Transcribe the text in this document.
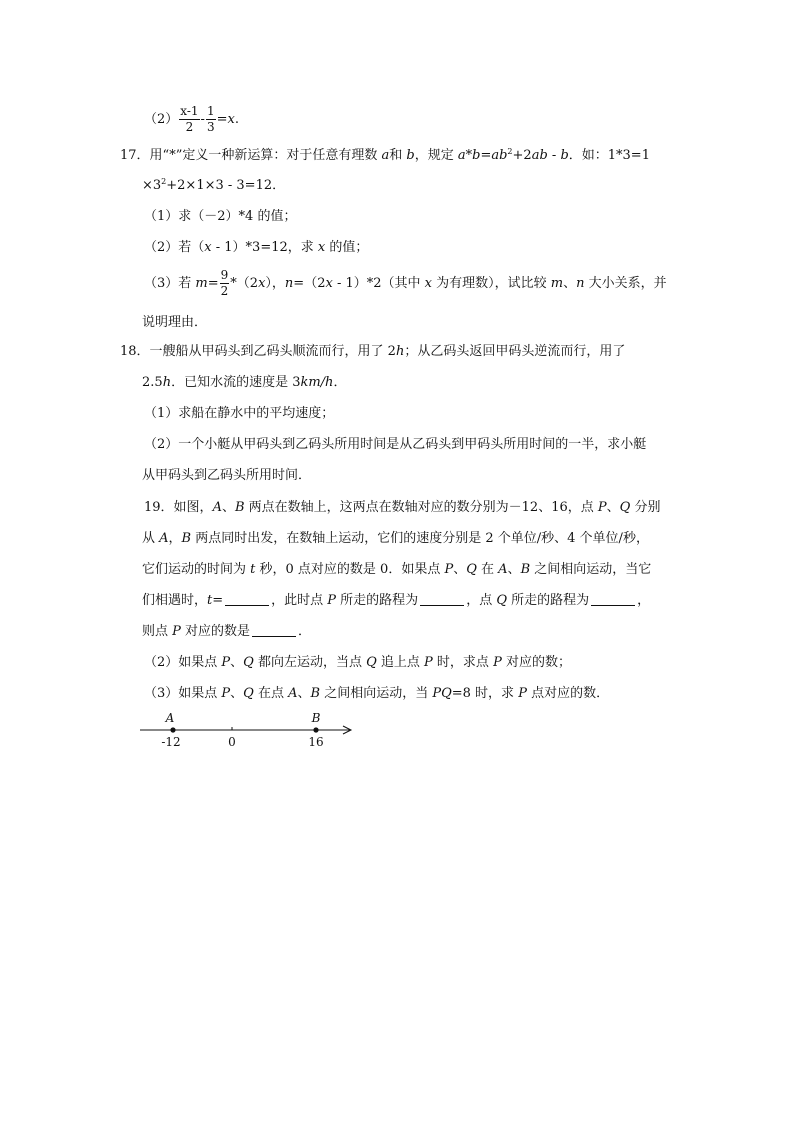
$(2) \frac{x-1}{2} - \frac{1}{3} =x$.
17．用“*”定义一种新运算：对于任意有理数 a和 b，规定 $a*b=ab^2+2ab - b$．如：1*3=1
$\times 3^2+2\times 1\times 3 - 3=12$．
（1）求（－2）*4 的值；
（2）若（x - 1）*3=12，求 x 的值；
（3）若 $m= \frac{9}{2} *(2x)$，n=（2x - 1）*2（其中 x 为有理数），试比较 m、n 大小关系，并
说明理由．
18．一艘船从甲码头到乙码头顺流而行，用了 2h；从乙码头返回甲码头逆流而行，用了
2.5h．已知水流的速度是 3km/h．
（1）求船在静水中的平均速度；
（2）一个小艇从甲码头到乙码头所用时间是从乙码头到甲码头所用时间的一半，求小艇
从甲码头到乙码头所用时间．
19．如图，A、B 两点在数轴上，这两点在数轴对应的数分别为－12、16，点 P、Q 分别
从 A，B 两点同时出发，在数轴上运动，它们的速度分别是 2 个单位/秒、4 个单位/秒，
它们运动的时间为 t 秒，0 点对应的数是 0．如果点 P、Q 在 A、B 之间相向运动，当它
们相遇时，t=	，此时点 P 所走的路程为	，点 Q 所走的路程为	，
则点 P 对应的数是	．
（2）如果点 P、Q 都向左运动，当点 Q 追上点 P 时，求点 P 对应的数；
（3）如果点 P、Q 在点 A、B 之间相向运动，当 PQ=8 时，求 P 点对应的数．
A	B
-12	0	16
